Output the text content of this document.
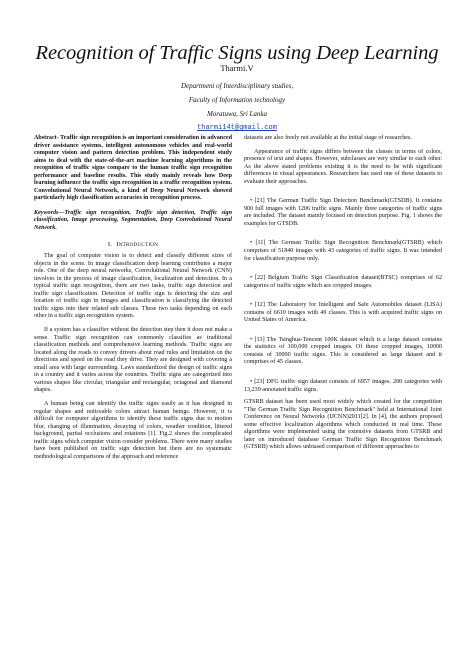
Recognition of Traffic Signs using Deep Learning
Tharmi.V
Department of Interdisciplinary studies,
Faculty of Information technology
Moratuwa, Sri Lanka
tharmi14t@gmail.com
Abstract- Traffic sign recognition is an important consideration in advanced driver assistance systems, intelligent autonomous vehicles and real-world computer vision and pattern detection problem. This independent study aims to deal with the state-of-the-art machine learning algorithms in the recognition of traffic signs compare to the human traffic sign recognition performance and baseline results. This study mainly reveals how Deep learning influence the traffic sign recognition in a traffic recognition system. Convolutional Neural Network, a kind of Deep Neural Network showed particularly high classification accuracies in recognition process.
Keywords—Traffic sign recognition, Traffic sign detection, Traffic sign classification, Image processing, Segmentation, Deep Convolutional Neural Network.
I. Introduction

The goal of computer vision is to detect and classify different sizes of objects in the scene. In image classification deep learning contributes a major role. One of the deep neural networks, Convolutional Neural Network (CNN) involves in the process of image classification, localization and detection. In a typical traffic sign recognition, there are two tasks, traffic sign detection and traffic sign classification. Detection of traffic sign is detecting the size and location of traffic sign in images and classification is classifying the detected traffic signs into their related sub classes. These two tasks depending on each other in a traffic sign recognition system.

If a system has a classifier without the detection step then it does not make a sense. Traffic sign recognition can commonly classifies as traditional classification methods and comprehensive learning methods. Traffic signs are located along the roads to convey drivers about road rules and limitation on the directions and speed on the road they drive. They are designed with covering a small area with large surrounding. Laws standardized the design of traffic signs in a country and it varies across the countries. Traffic signs are categorized into various shapes like circular, triangular and rectangular, octagonal and diamond shapes.

A human being can identify the traffic signs easily as it has designed in regular shapes and noticeable colors attract human beings. However, it is difficult for computer algorithms to identify these traffic signs due to motion blur, changing of illumination, decaying of colors, weather condition, littered background, partial occlusions and rotations [1]. Fig.2 shows the complicated traffic signs which computer vision consider problems. There were many studies have been published on traffic sign detection but there are no systematic methodological comparisons of the approach and reference

datasets are also freely not available at the initial stage of researches.

Appearance of traffic signs differs between the classes in terms of colors, presence of text and shapes. However, subclasses are very similar to each other. As the above stated problems existing it is the need to be with significant differences in visual appearances. Researchers has used one of these datasets to evaluate their approaches.

• [21] The German Traffic Sign Detection Benchmark(GTSDB). It contains 900 full images with 1206 traffic signs. Mainly three categories of traffic signs are included. The dataset mainly focused on detection purpose. Fig. 1 shows the examples for GTSDB.
• [11] The German Traffic Sign Recognition Benchmark(GTSRB) which comprises of 51840 images with 43 categories of traffic signs. It was intended for classification purpose only.
• [22] Belgium Traffic Sign Classification dataset(BTSC) comprises of 62 categories of traffic signs which are cropped images.
• [12] The Laboratory for Intelligent and Safe Automobiles dataset (LISA) contains of 6610 images with 49 classes. This is with acquired traffic signs on United States of America.
• [13] The Tsinghua-Tencent 100K dataset which is a large dataset contains the statistics of 100,000 cropped images. Of these cropped images, 10000 consists of 30000 traffic signs. This is considered as large dataset and it comprises of 45 classes.
• [23] DFG traffic sign dataset consists of 6957 images. 200 categories with 13,239 annotated traffic signs.

GTSRB dataset has been used most widely which created for the competition "The German Traffic Sign Recognition Benchmark" held at International Joint Conference on Neural Networks (IJCNN)2011[2]. In [4], the authors proposed some effective localization algorithms which conducted in real time. These algorithms were implemented using the extensive datasets from GTSRB and later on introduced database German Traffic Sign Recognition Benchmark (GTSRB) which allows unbiased comparison of different approaches to
